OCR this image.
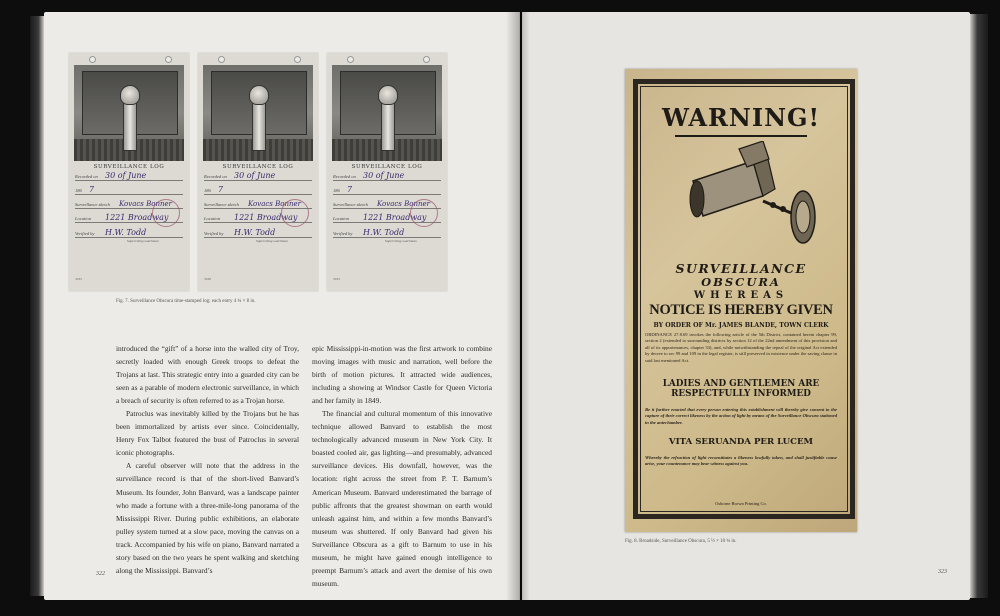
SURVEILLANCE LOG
Recorded on 30 of June
186 7
Surveillance sketch Kovacs Bonner
Location 1221 Broadway
Verified by H.W. Todd
Supervising watchman
3185
SURVEILLANCE LOG
Recorded on 30 of June
186 7
Surveillance sketch Kovacs Bonner
Location 1221 Broadway
Verified by H.W. Todd
Supervising watchman
3186
SURVEILLANCE LOG
Recorded on 30 of June
186 7
Surveillance sketch Kovacs Bonner
Location 1221 Broadway
Verified by H.W. Todd
Supervising watchman
3185
Fig. 7. Surveillance Obscura time-stamped log; each entry 4 ¾ × 8 in.

introduced the “gift” of a horse into the walled city of Troy, secretly loaded with enough Greek troops to defeat the Trojans at last. This strategic entry into a guarded city can be seen as a parable of modern electronic surveillance, in which a breach of security is often referred to as a Trojan horse.

Patroclus was inevitably killed by the Trojans but he has been immortalized by artists ever since. Coincidentally, Henry Fox Talbot featured the bust of Patroclus in several iconic photographs.

A careful observer will note that the address in the surveillance record is that of the short-lived Banvard’s Museum. Its founder, John Banvard, was a landscape painter who made a fortune with a three-mile-long panorama of the Mississippi River. During public exhibitions, an elaborate pulley system turned at a slow pace, moving the canvas on a track. Accompanied by his wife on piano, Banvard narrated a story based on the two years he spent walking and sketching along the Mississippi. Banvard’s

epic Mississippi-in-motion was the first artwork to combine moving images with music and narration, well before the birth of motion pictures. It attracted wide audiences, including a showing at Windsor Castle for Queen Victoria and her family in 1849.

The financial and cultural momentum of this innovative technique allowed Banvard to establish the most technologically advanced museum in New York City. It boasted cooled air, gas lighting—and presumably, advanced surveillance devices. His downfall, however, was the location: right across the street from P. T. Barnum’s American Museum. Banvard underestimated the barrage of public affronts that the greatest showman on earth would unleash against him, and within a few months Banvard’s museum was shuttered. If only Banvard had given his Surveillance Obscura as a gift to Barnum to use in his museum, he might have gained enough intelligence to preempt Barnum’s attack and avert the demise of his own museum.

322
WARNING!
SURVEILLANCE
OBSCURA
WHEREAS
NOTICE IS HEREBY GIVEN
BY ORDER OF Mr. JAMES BLANDE, TOWN CLERK
ORDINANCE 27.8.69 invokes the following article of the 5th District, contained herein chapter 99, section 2 (extended to surrounding districts by section 12 of the 22nd amendment of this provision and all of its appurtenances, chapter 33), and, while notwithstanding the repeal of the original Act extended by decree to sec 99 and 109 in the legal register, is still preserved in existence under the saving clause in said last mentioned Act.
LADIES AND GENTLEMEN ARE RESPECTFULLY INFORMED
Be it further enacted that every person entering this establishment will thereby give consent to the capture of their correct likeness by the action of light by means of the Surveillance Obscura stationed in the antechamber.
VITA SERUANDA PER LUCEM
Whereby the refraction of light reconstitutes a likeness lawfully taken, and shall justifiable cause arise, your countenance may bear witness against you.
Osborne Brown Printing Co.
Fig. 8. Broadside, Surveillance Obscura, 5 ½ × 10 ¾ in.
323
